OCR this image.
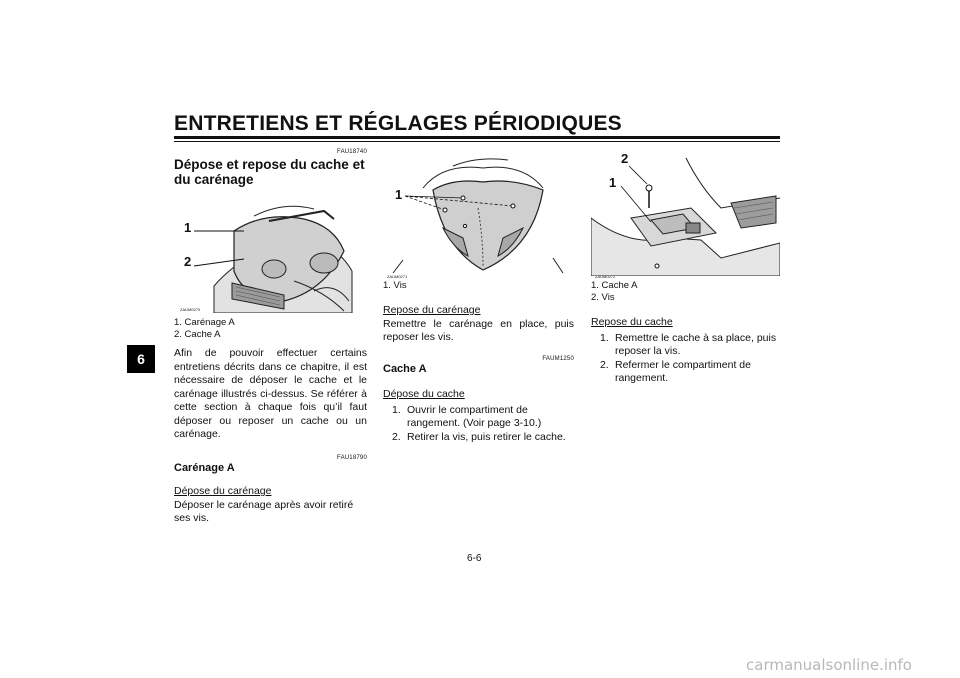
ENTRETIENS ET RÉGLAGES PÉRIODIQUES
6
FAU18740
Dépose et repose du cache et du carénage
1
2
ZAUM0270
1. Carénage A
2. Cache A

Afin de pouvoir effectuer certains entretiens décrits dans ce chapitre, il est nécessaire de déposer le cache et le carénage illustrés ci-dessus. Se référer à cette section à chaque fois qu’il faut déposer ou reposer un cache ou un carénage.

FAU18790
Carénage A
Dépose du carénage

Déposer le carénage après avoir retiré ses vis.

1
ZAUM0271
1. Vis
Repose du carénage

Remettre le carénage en place, puis reposer les vis.

FAUM1250
Cache A
Dépose du cache
1. Ouvrir le compartiment de rangement. (Voir page 3-10.)
2. Retirer la vis, puis retirer le cache.
2
1
ZAUM0272
1. Cache A
2. Vis
Repose du cache
1. Remettre le cache à sa place, puis reposer la vis.
2. Refermer le compartiment de rangement.
6-6
carmanualsonline.info
